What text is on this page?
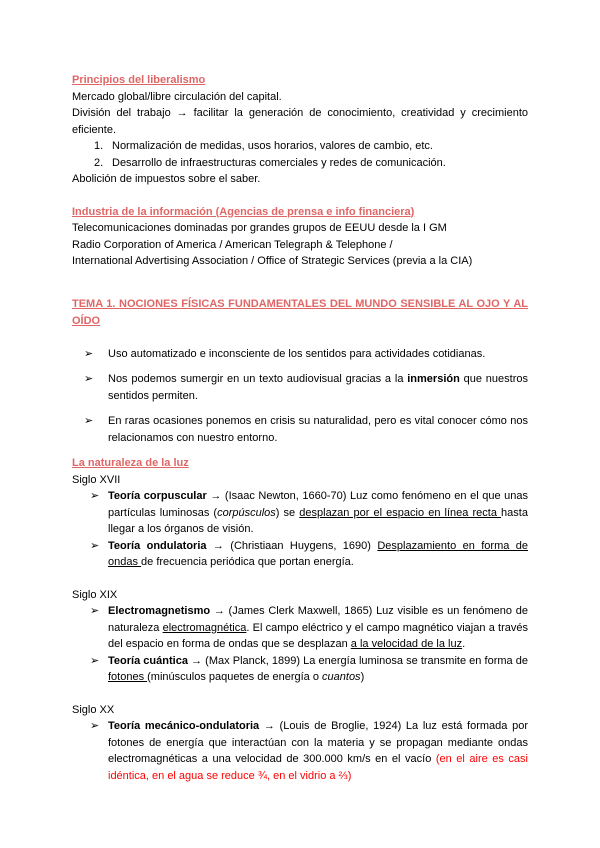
Principios del liberalismo
Mercado global/libre circulación del capital.
División del trabajo → facilitar la generación de conocimiento, creatividad y crecimiento eficiente.
1. Normalización de medidas, usos horarios, valores de cambio, etc.
2. Desarrollo de infraestructuras comerciales y redes de comunicación.
Abolición de impuestos sobre el saber.
Industria de la información (Agencias de prensa e info financiera)
Telecomunicaciones dominadas por grandes grupos de EEUU desde la I GM
Radio Corporation of America / American Telegraph & Telephone /
International Advertising Association / Office of Strategic Services (previa a la CIA)
TEMA 1. NOCIONES FÍSICAS FUNDAMENTALES DEL MUNDO SENSIBLE AL OJO Y AL OÍDO
➢	Uso automatizado e inconsciente de los sentidos para actividades cotidianas.
➢	Nos podemos sumergir en un texto audiovisual gracias a la inmersión que nuestros sentidos permiten.
➢	En raras ocasiones ponemos en crisis su naturalidad, pero es vital conocer cómo nos relacionamos con nuestro entorno.
La naturaleza de la luz
Siglo XVII
➢ Teoría corpuscular → (Isaac Newton, 1660-70) Luz como fenómeno en el que unas partículas luminosas (corpúsculos) se desplazan por el espacio en línea recta hasta llegar a los órganos de visión.
➢ Teoría ondulatoria → (Christiaan Huygens, 1690) Desplazamiento en forma de ondas de frecuencia periódica que portan energía.
Siglo XIX
➢ Electromagnetismo → (James Clerk Maxwell, 1865) Luz visible es un fenómeno de naturaleza electromagnética. El campo eléctrico y el campo magnético viajan a través del espacio en forma de ondas que se desplazan a la velocidad de la luz.
➢ Teoría cuántica → (Max Planck, 1899) La energía luminosa se transmite en forma de fotones (minúsculos paquetes de energía o cuantos)
Siglo XX
➢ Teoría mecánico-ondulatoria → (Louis de Broglie, 1924) La luz está formada por fotones de energía que interactúan con la materia y se propagan mediante ondas electromagnéticas a una velocidad de 300.000 km/s en el vacío (en el aire es casi idéntica, en el agua se reduce ¾, en el vidrio a ⅔)
